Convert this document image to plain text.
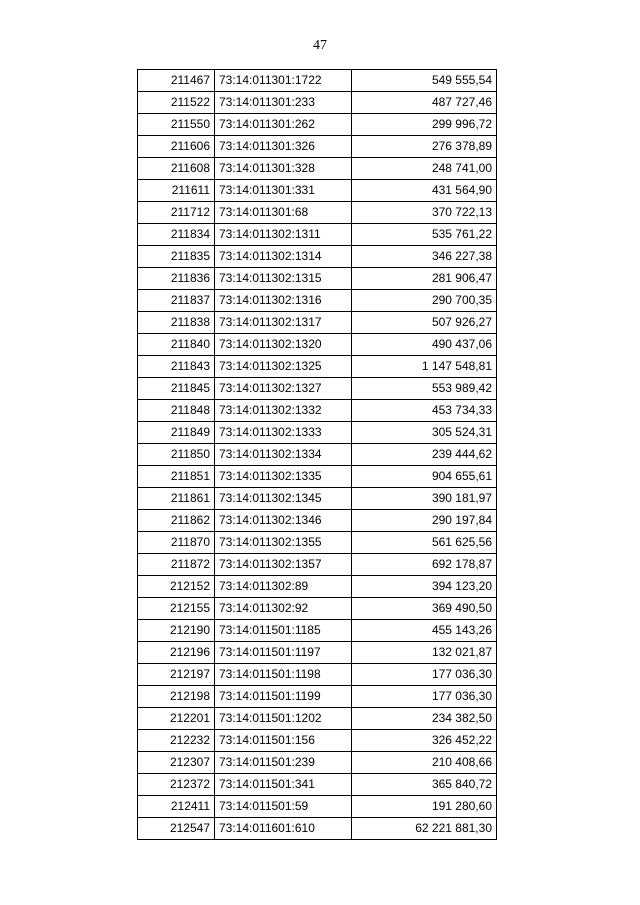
47
211467	73:14:011301:1722	549 555,54
211522	73:14:011301:233	487 727,46
211550	73:14:011301:262	299 996,72
211606	73:14:011301:326	276 378,89
211608	73:14:011301:328	248 741,00
211611	73:14:011301:331	431 564,90
211712	73:14:011301:68	370 722,13
211834	73:14:011302:1311	535 761,22
211835	73:14:011302:1314	346 227,38
211836	73:14:011302:1315	281 906,47
211837	73:14:011302:1316	290 700,35
211838	73:14:011302:1317	507 926,27
211840	73:14:011302:1320	490 437,06
211843	73:14:011302:1325	1 147 548,81
211845	73:14:011302:1327	553 989,42
211848	73:14:011302:1332	453 734,33
211849	73:14:011302:1333	305 524,31
211850	73:14:011302:1334	239 444,62
211851	73:14:011302:1335	904 655,61
211861	73:14:011302:1345	390 181,97
211862	73:14:011302:1346	290 197,84
211870	73:14:011302:1355	561 625,56
211872	73:14:011302:1357	692 178,87
212152	73:14:011302:89	394 123,20
212155	73:14:011302:92	369 490,50
212190	73:14:011501:1185	455 143,26
212196	73:14:011501:1197	132 021,87
212197	73:14:011501:1198	177 036,30
212198	73:14:011501:1199	177 036,30
212201	73:14:011501:1202	234 382,50
212232	73:14:011501:156	326 452,22
212307	73:14:011501:239	210 408,66
212372	73:14:011501:341	365 840,72
212411	73:14:011501:59	191 280,60
212547	73:14:011601:610	62 221 881,30
